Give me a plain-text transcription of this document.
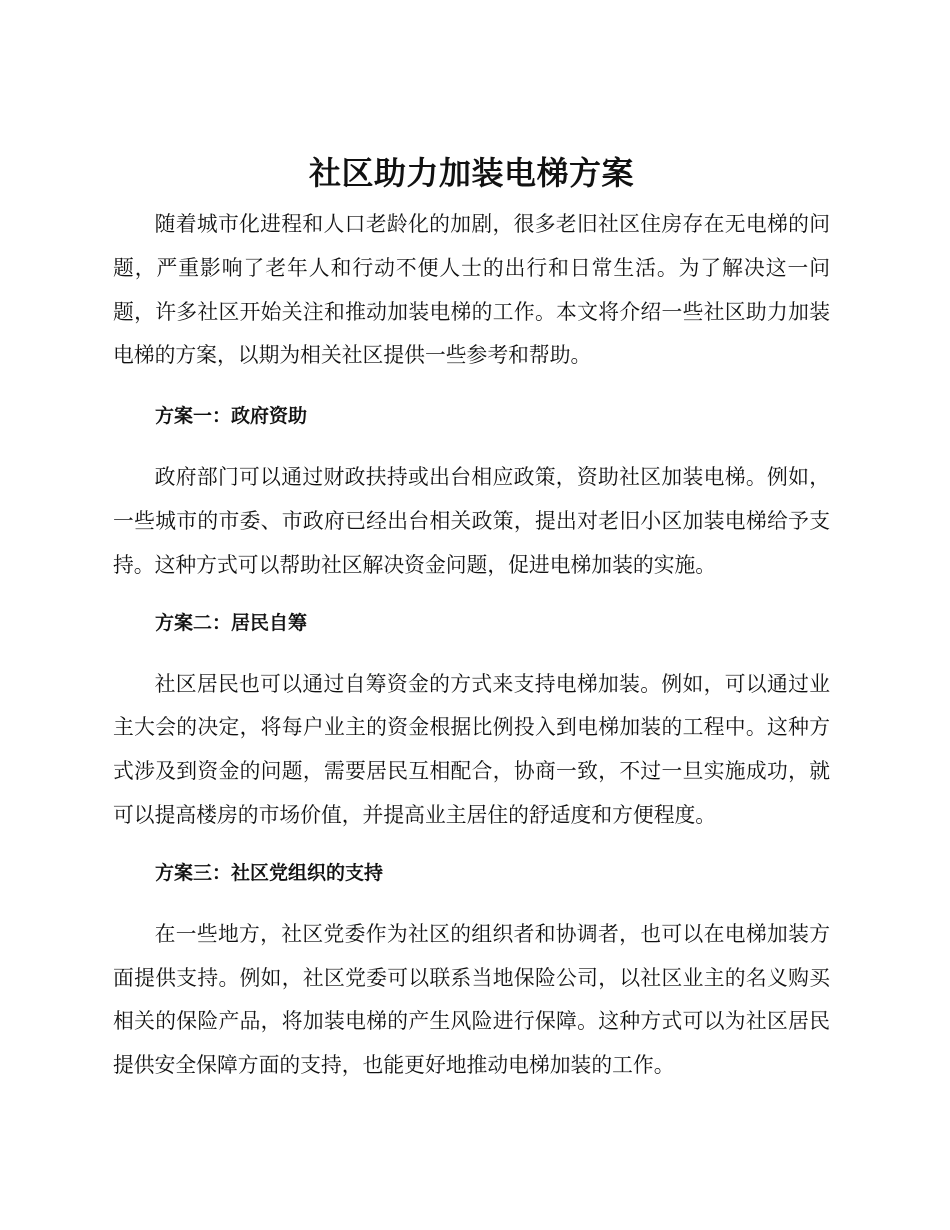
社区助力加装电梯方案

随着城市化进程和人口老龄化的加剧，很多老旧社区住房存在无电梯的问题，严重影响了老年人和行动不便人士的出行和日常生活。为了解决这一问题，许多社区开始关注和推动加装电梯的工作。本文将介绍一些社区助力加装电梯的方案，以期为相关社区提供一些参考和帮助。

方案一：政府资助

政府部门可以通过财政扶持或出台相应政策，资助社区加装电梯。例如，一些城市的市委、市政府已经出台相关政策，提出对老旧小区加装电梯给予支持。这种方式可以帮助社区解决资金问题，促进电梯加装的实施。

方案二：居民自筹

社区居民也可以通过自筹资金的方式来支持电梯加装。例如，可以通过业主大会的决定，将每户业主的资金根据比例投入到电梯加装的工程中。这种方式涉及到资金的问题，需要居民互相配合，协商一致，不过一旦实施成功，就可以提高楼房的市场价值，并提高业主居住的舒适度和方便程度。

方案三：社区党组织的支持

在一些地方，社区党委作为社区的组织者和协调者，也可以在电梯加装方面提供支持。例如，社区党委可以联系当地保险公司，以社区业主的名义购买相关的保险产品，将加装电梯的产生风险进行保障。这种方式可以为社区居民提供安全保障方面的支持，也能更好地推动电梯加装的工作。
